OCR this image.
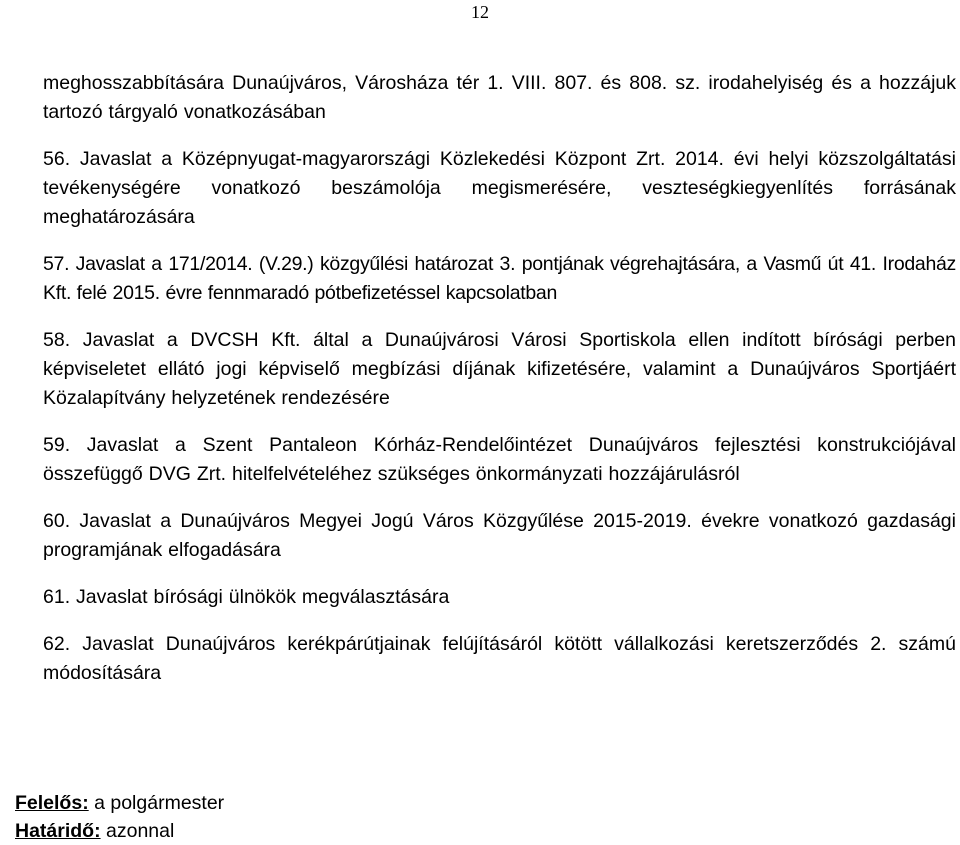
12

meghosszabbítására Dunaújváros, Városháza tér 1. VIII. 807. és 808. sz. irodahelyiség és a hozzájuk tartozó tárgyaló vonatkozásában

56. Javaslat a Középnyugat-magyarországi Közlekedési Központ Zrt. 2014. évi helyi közszolgáltatási tevékenységére vonatkozó beszámolója megismerésére, veszteségkiegyenlítés forrásának meghatározására

57. Javaslat a 171/2014. (V.29.) közgyűlési határozat 3. pontjának végrehajtására, a Vasmű út 41. Irodaház Kft. felé 2015. évre fennmaradó pótbefizetéssel kapcsolatban

58. Javaslat a DVCSH Kft. által a Dunaújvárosi Városi Sportiskola ellen indított bírósági perben képviseletet ellátó jogi képviselő megbízási díjának kifizetésére, valamint a Dunaújváros Sportjáért Közalapítvány helyzetének rendezésére

59. Javaslat a Szent Pantaleon Kórház-Rendelőintézet Dunaújváros fejlesztési konstrukciójával összefüggő DVG Zrt. hitelfelvételéhez szükséges önkormányzati hozzájárulásról

60. Javaslat a Dunaújváros Megyei Jogú Város Közgyűlése 2015-2019. évekre vonatkozó gazdasági programjának elfogadására

61. Javaslat bírósági ülnökök megválasztására

62. Javaslat Dunaújváros kerékpárútjainak felújításáról kötött vállalkozási keretszerződés 2. számú módosítására

Felelős: a polgármester
Határidő: azonnal
